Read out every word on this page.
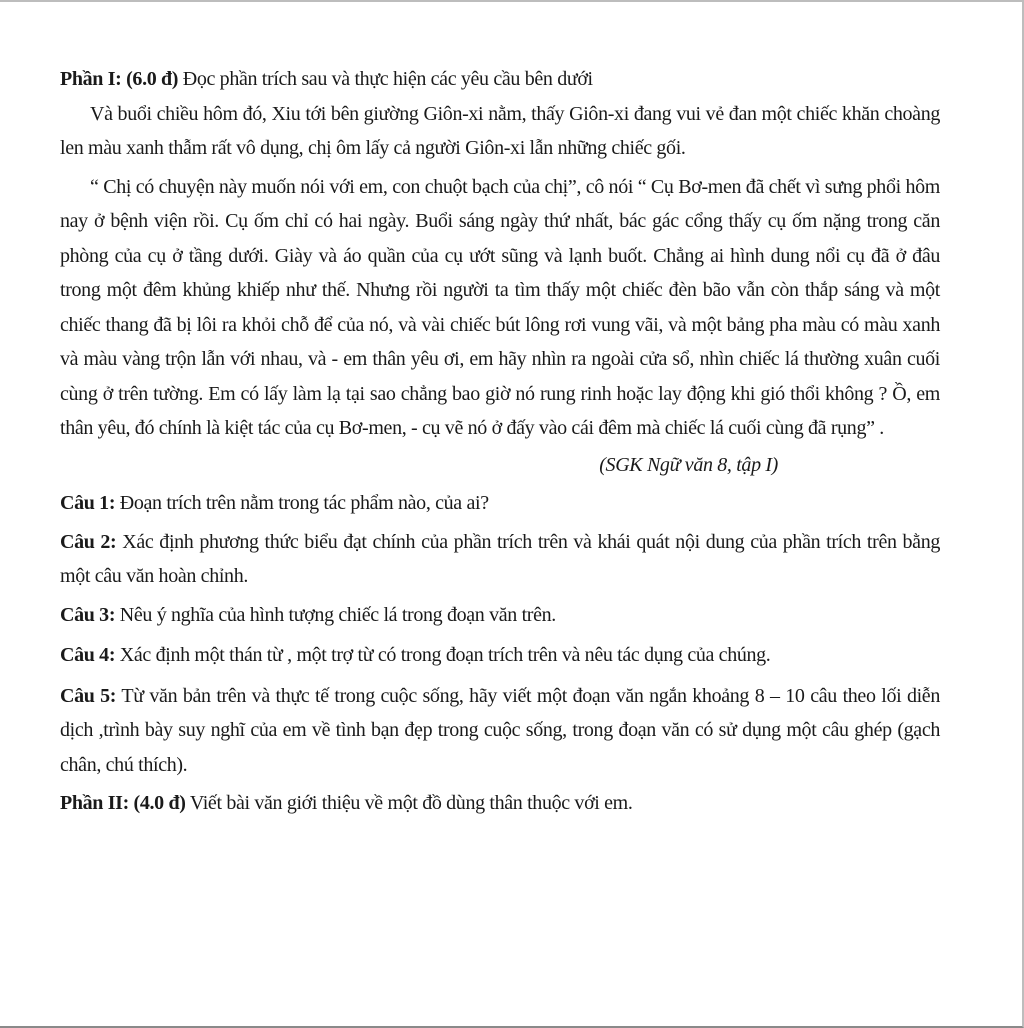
Phần I: (6.0 đ) Đọc phần trích sau và thực hiện các yêu cầu bên dưới

Và buổi chiều hôm đó, Xiu tới bên giường Giôn-xi nằm, thấy Giôn-xi đang vui vẻ đan một chiếc khăn choàng len màu xanh thẫm rất vô dụng, chị ôm lấy cả người Giôn-xi lẫn những chiếc gối.

“ Chị có chuyện này muốn nói với em, con chuột bạch của chị”, cô nói “ Cụ Bơ-men đã chết vì sưng phổi hôm nay ở bệnh viện rồi. Cụ ốm chỉ có hai ngày. Buổi sáng ngày thứ nhất, bác gác cổng thấy cụ ốm nặng trong căn phòng của cụ ở tầng dưới. Giày và áo quần của cụ ướt sũng và lạnh buốt. Chẳng ai hình dung nổi cụ đã ở đâu trong một đêm khủng khiếp như thế. Nhưng rồi người ta tìm thấy một chiếc đèn bão vẫn còn thắp sáng và một chiếc thang đã bị lôi ra khỏi chỗ để của nó, và vài chiếc bút lông rơi vung vãi, và một bảng pha màu có màu xanh và màu vàng trộn lẫn với nhau, và - em thân yêu ơi, em hãy nhìn ra ngoài cửa sổ, nhìn chiếc lá thường xuân cuối cùng ở trên tường. Em có lấy làm lạ tại sao chẳng bao giờ nó rung rinh hoặc lay động khi gió thổi không ? Ồ, em thân yêu, đó chính là kiệt tác của cụ Bơ-men, - cụ vẽ nó ở đấy vào cái đêm mà chiếc lá cuối cùng đã rụng” .

(SGK Ngữ văn 8, tập I)

Câu 1: Đoạn trích trên nằm trong tác phẩm nào, của ai?

Câu 2: Xác định phương thức biểu đạt chính của phần trích trên và khái quát nội dung của phần trích trên bằng một câu văn hoàn chỉnh.

Câu 3: Nêu ý nghĩa của hình tượng chiếc lá trong đoạn văn trên.

Câu 4: Xác định một thán từ , một trợ từ có trong đoạn trích trên và nêu tác dụng của chúng.

Câu 5: Từ văn bản trên và thực tế trong cuộc sống, hãy viết một đoạn văn ngắn khoảng 8 – 10 câu theo lối diễn dịch ,trình bày suy nghĩ của em về tình bạn đẹp trong cuộc sống, trong đoạn văn có sử dụng một câu ghép (gạch chân, chú thích).

Phần II: (4.0 đ) Viết bài văn giới thiệu về một đồ dùng thân thuộc với em.
